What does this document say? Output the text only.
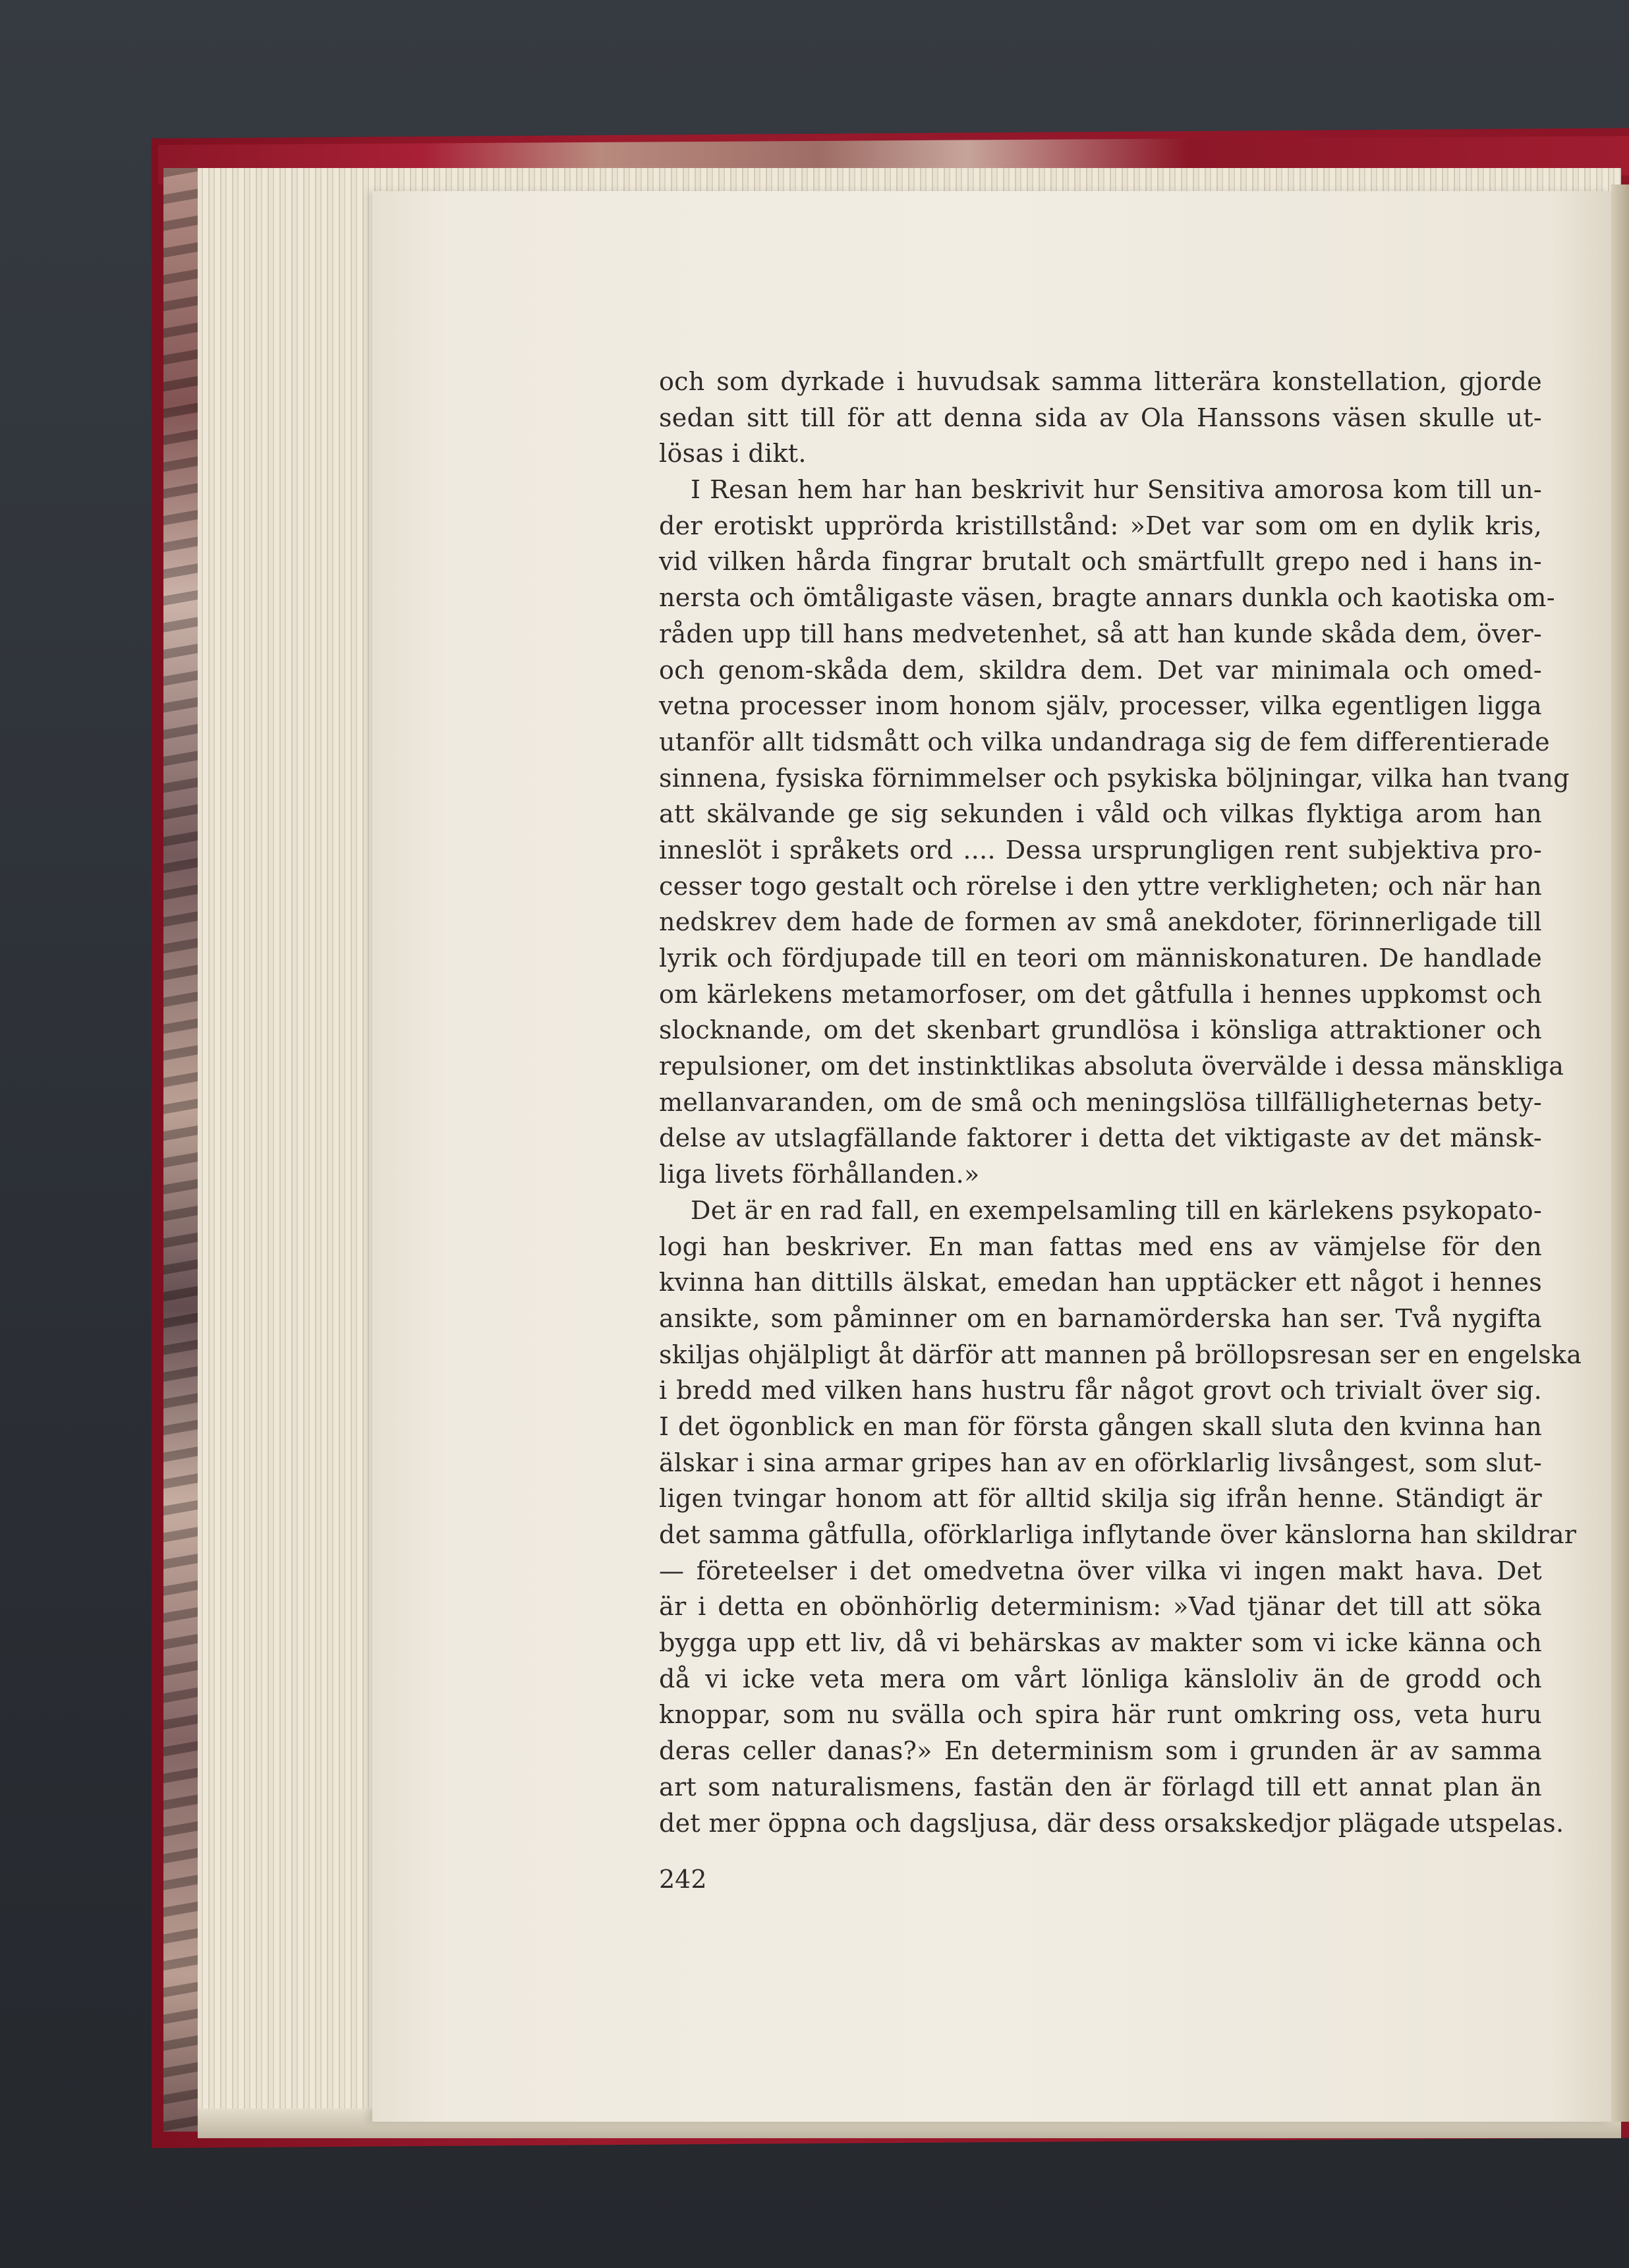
och som dyrkade i huvudsak samma litterära konstellation, gjorde
sedan sitt till för att denna sida av Ola Hanssons väsen skulle ut-
lösas i dikt.
I Resan hem har han beskrivit hur Sensitiva amorosa kom till un-
der erotiskt upprörda kristillstånd: »Det var som om en dylik kris,
vid vilken hårda fingrar brutalt och smärtfullt grepo ned i hans in-
nersta och ömtåligaste väsen, bragte annars dunkla och kaotiska om-
råden upp till hans medvetenhet, så att han kunde skåda dem, över-
och genom-skåda dem, skildra dem. Det var minimala och omed-
vetna processer inom honom själv, processer, vilka egentligen ligga
utanför allt tidsmått och vilka undandraga sig de fem differentierade
sinnena, fysiska förnimmelser och psykiska böljningar, vilka han tvang
att skälvande ge sig sekunden i våld och vilkas flyktiga arom han
inneslöt i språkets ord .... Dessa ursprungligen rent subjektiva pro-
cesser togo gestalt och rörelse i den yttre verkligheten; och när han
nedskrev dem hade de formen av små anekdoter, förinnerligade till
lyrik och fördjupade till en teori om människonaturen. De handlade
om kärlekens metamorfoser, om det gåtfulla i hennes uppkomst och
slocknande, om det skenbart grundlösa i könsliga attraktioner och
repulsioner, om det instinktlikas absoluta övervälde i dessa mänskliga
mellanvaranden, om de små och meningslösa tillfälligheternas bety-
delse av utslagfällande faktorer i detta det viktigaste av det mänsk-
liga livets förhållanden.»
Det är en rad fall, en exempelsamling till en kärlekens psykopato-
logi han beskriver. En man fattas med ens av vämjelse för den
kvinna han dittills älskat, emedan han upptäcker ett något i hennes
ansikte, som påminner om en barnamörderska han ser. Två nygifta
skiljas ohjälpligt åt därför att mannen på bröllopsresan ser en engelska
i bredd med vilken hans hustru får något grovt och trivialt över sig.
I det ögonblick en man för första gången skall sluta den kvinna han
älskar i sina armar gripes han av en oförklarlig livsångest, som slut-
ligen tvingar honom att för alltid skilja sig ifrån henne. Ständigt är
det samma gåtfulla, oförklarliga inflytande över känslorna han skildrar
— företeelser i det omedvetna över vilka vi ingen makt hava. Det
är i detta en obönhörlig determinism: »Vad tjänar det till att söka
bygga upp ett liv, då vi behärskas av makter som vi icke känna och
då vi icke veta mera om vårt lönliga känsloliv än de grodd och
knoppar, som nu svälla och spira här runt omkring oss, veta huru
deras celler danas?» En determinism som i grunden är av samma
art som naturalismens, fastän den är förlagd till ett annat plan än
det mer öppna och dagsljusa, där dess orsakskedjor plägade utspelas.
242
